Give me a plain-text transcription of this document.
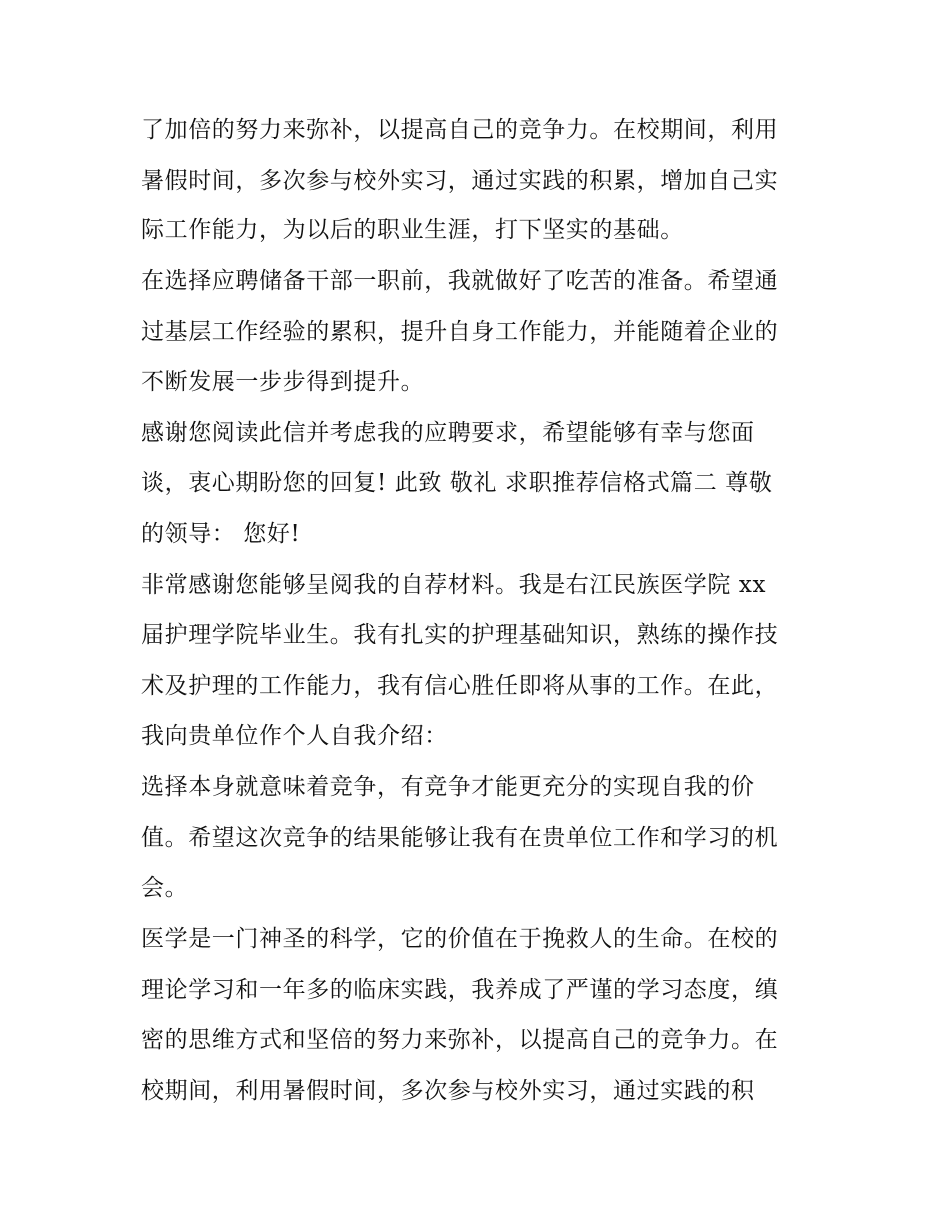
了加倍的努力来弥补，以提高自己的竞争力。在校期间，利用
暑假时间，多次参与校外实习，通过实践的积累，增加自己实
际工作能力，为以后的职业生涯，打下坚实的基础。
在选择应聘储备干部一职前，我就做好了吃苦的准备。希望通
过基层工作经验的累积，提升自身工作能力，并能随着企业的
不断发展一步步得到提升。
感谢您阅读此信并考虑我的应聘要求，希望能够有幸与您面
谈，衷心期盼您的回复! 此致 敬礼 求职推荐信格式篇二 尊敬
的领导： 您好!
非常感谢您能够呈阅我的自荐材料。我是右江民族医学院 xx
届护理学院毕业生。我有扎实的护理基础知识，熟练的操作技
术及护理的工作能力，我有信心胜任即将从事的工作。在此，
我向贵单位作个人自我介绍：
选择本身就意味着竞争，有竞争才能更充分的实现自我的价
值。希望这次竞争的结果能够让我有在贵单位工作和学习的机
会。
医学是一门神圣的科学，它的价值在于挽救人的生命。在校的
理论学习和一年多的临床实践，我养成了严谨的学习态度，缜
密的思维方式和坚倍的努力来弥补，以提高自己的竞争力。在
校期间，利用暑假时间，多次参与校外实习，通过实践的积
